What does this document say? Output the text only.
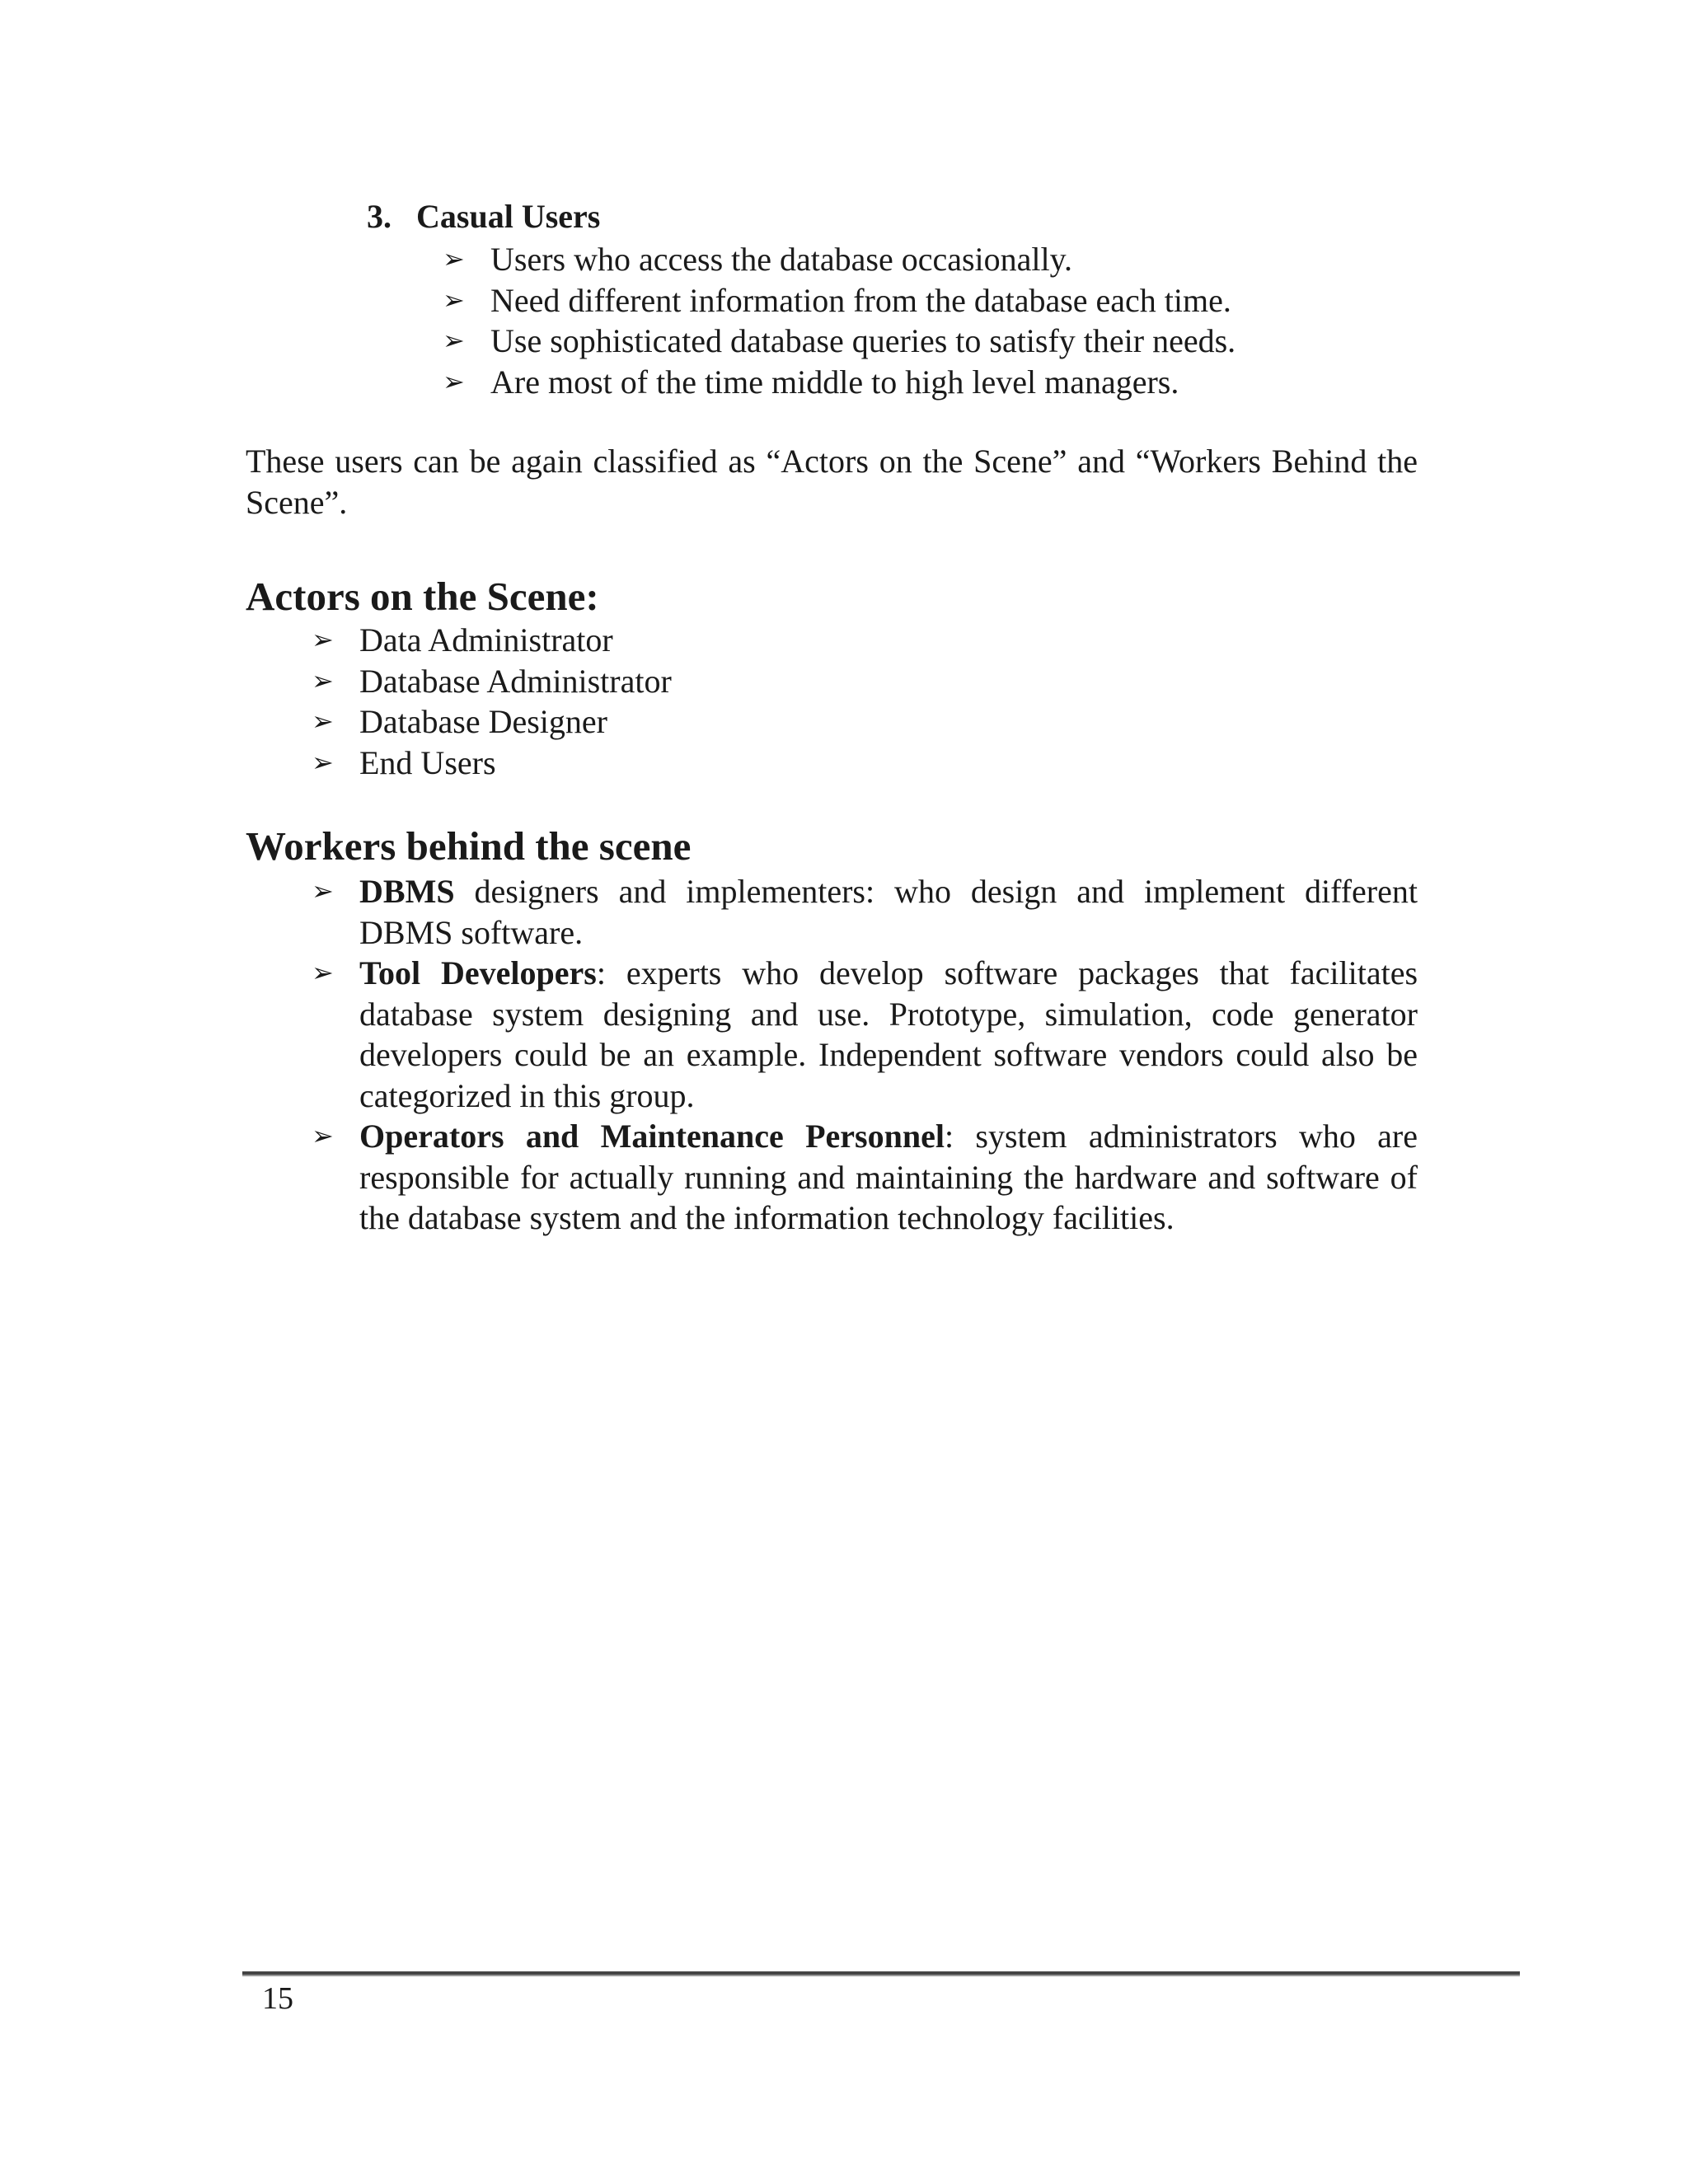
3. Casual Users
➢ Users who access the database occasionally.
➢ Need different information from the database each time.
➢ Use sophisticated database queries to satisfy their needs.
➢ Are most of the time middle to high level managers.

These users can be again classified as “Actors on the Scene” and “Workers Behind the Scene”.

Actors on the Scene:
➢ Data Administrator
➢ Database Administrator
➢ Database Designer
➢ End Users
Workers behind the scene
➢ DBMS designers and implementers: who design and implement different DBMS software.
➢ Tool Developers: experts who develop software packages that facilitates database system designing and use. Prototype, simulation, code generator developers could be an example. Independent software vendors could also be categorized in this group.
➢ Operators and Maintenance Personnel: system administrators who are responsible for actually running and maintaining the hardware and software of the database system and the information technology facilities.
15
